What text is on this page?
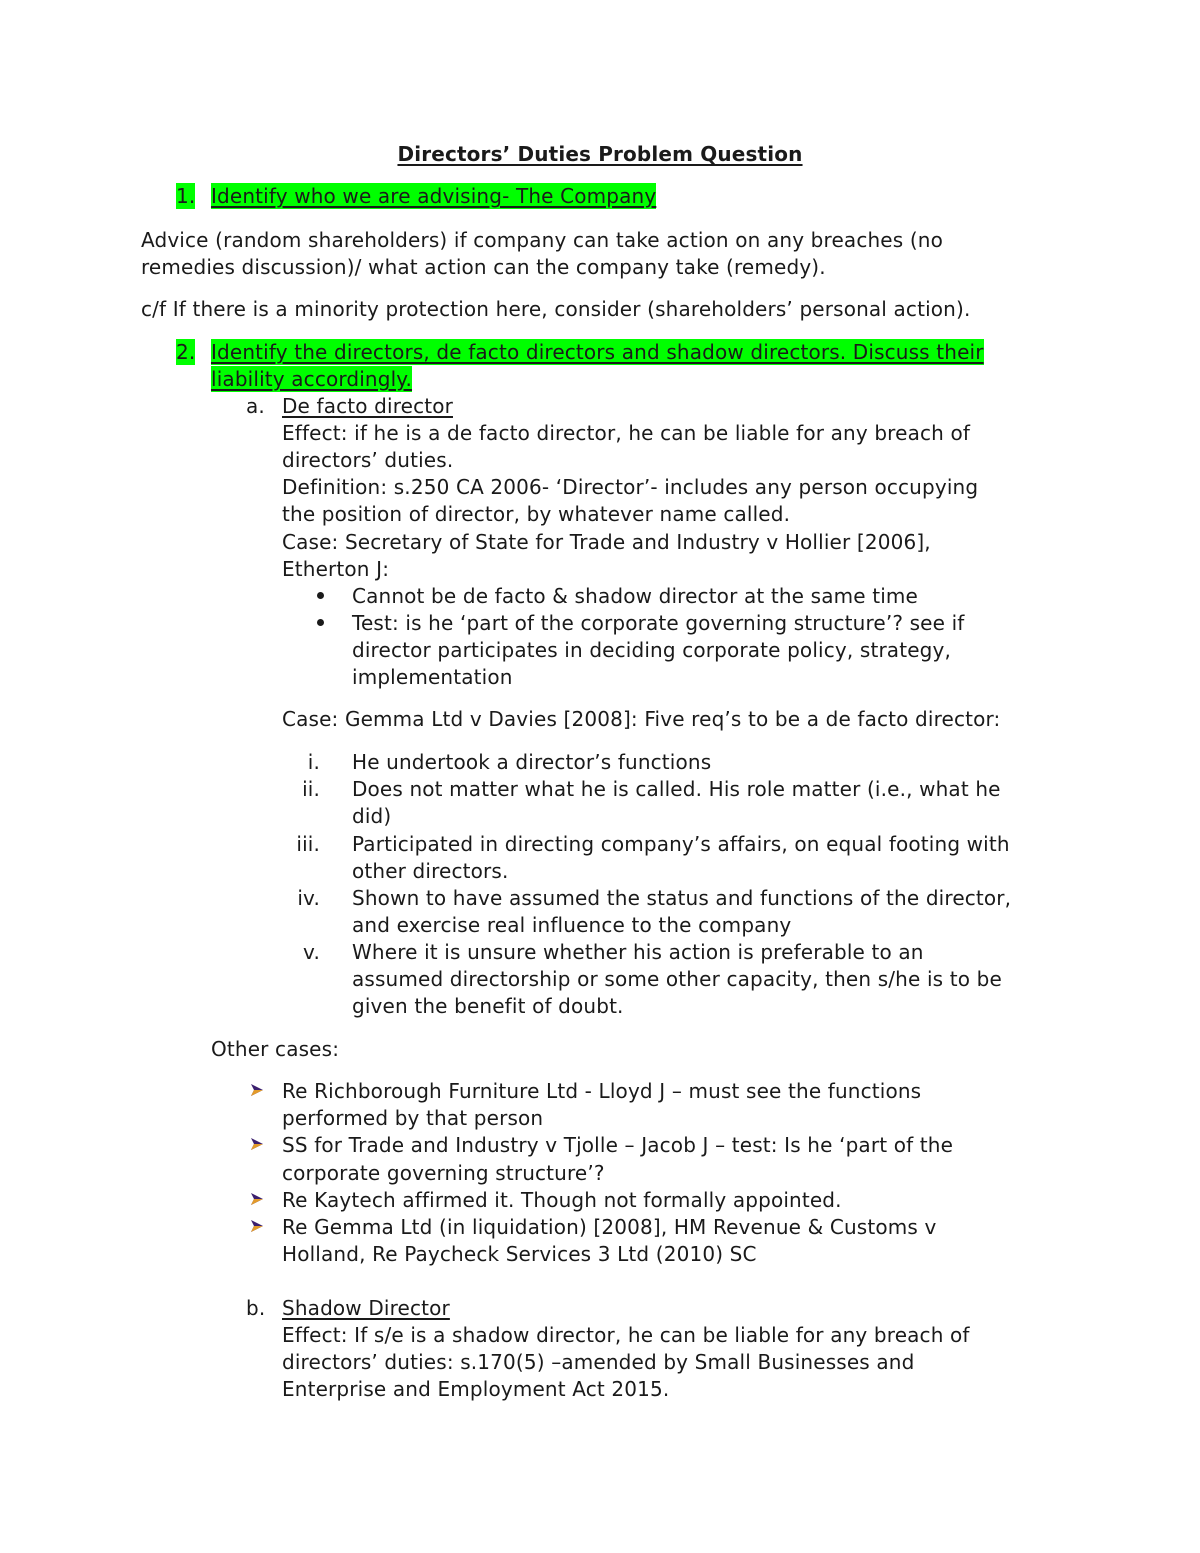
Directors’ Duties Problem Question
1. Identify who we are advising- The Company
Advice (random shareholders) if company can take action on any breaches (no
remedies discussion)/ what action can the company take (remedy).
c/f If there is a minority protection here, consider (shareholders’ personal action).
2. Identify the directors, de facto directors and shadow directors. Discuss their
liability accordingly.
a. De facto director
Effect: if he is a de facto director, he can be liable for any breach of
directors’ duties.
Definition: s.250 CA 2006- ‘Director’- includes any person occupying
the position of director, by whatever name called.
Case: Secretary of State for Trade and Industry v Hollier [2006],
Etherton J:
Cannot be de facto & shadow director at the same time
Test: is he ‘part of the corporate governing structure’? see if
director participates in deciding corporate policy, strategy,
implementation
Case: Gemma Ltd v Davies [2008]: Five req’s to be a de facto director:
i. He undertook a director’s functions
ii. Does not matter what he is called. His role matter (i.e., what he
did)
iii. Participated in directing company’s affairs, on equal footing with
other directors.
iv. Shown to have assumed the status and functions of the director,
and exercise real influence to the company
v. Where it is unsure whether his action is preferable to an
assumed directorship or some other capacity, then s/he is to be
given the benefit of doubt.
Other cases:
Re Richborough Furniture Ltd - Lloyd J – must see the functions
performed by that person
SS for Trade and Industry v Tjolle – Jacob J – test: Is he ‘part of the
corporate governing structure’?
Re Kaytech affirmed it. Though not formally appointed.
Re Gemma Ltd (in liquidation) [2008], HM Revenue & Customs v
Holland, Re Paycheck Services 3 Ltd (2010) SC
b. Shadow Director
Effect: If s/e is a shadow director, he can be liable for any breach of
directors’ duties: s.170(5) –amended by Small Businesses and
Enterprise and Employment Act 2015.
